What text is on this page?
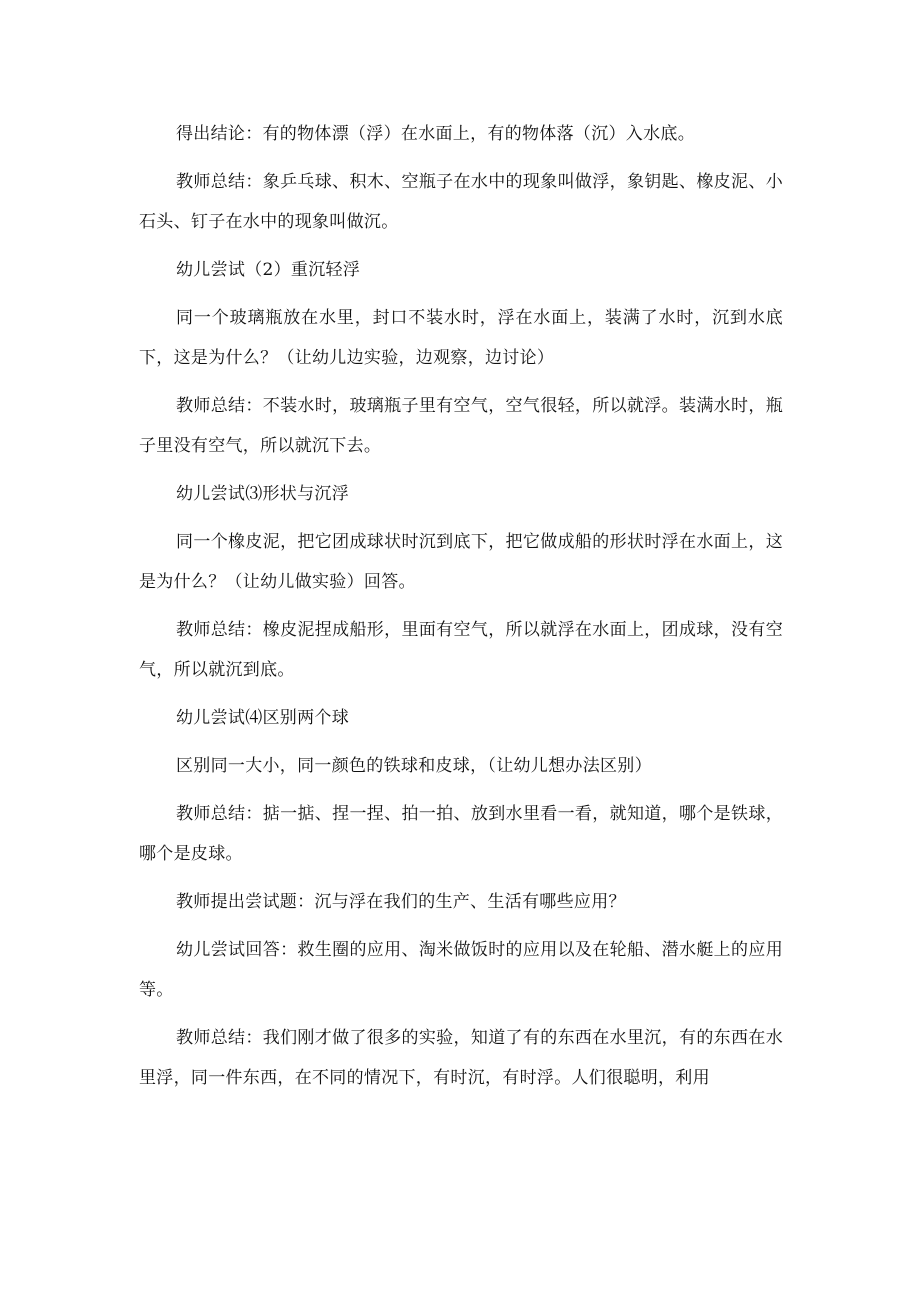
得出结论：有的物体漂（浮）在水面上，有的物体落（沉）入水底。

教师总结：象乒乓球、积木、空瓶子在水中的现象叫做浮，象钥匙、橡皮泥、小石头、钉子在水中的现象叫做沉。

幼儿尝试（2）重沉轻浮

同一个玻璃瓶放在水里，封口不装水时，浮在水面上，装满了水时，沉到水底下，这是为什么？（让幼儿边实验，边观察，边讨论）

教师总结：不装水时，玻璃瓶子里有空气，空气很轻，所以就浮。装满水时，瓶子里没有空气，所以就沉下去。

幼儿尝试⑶形状与沉浮

同一个橡皮泥，把它团成球状时沉到底下，把它做成船的形状时浮在水面上，这是为什么？（让幼儿做实验）回答。

教师总结：橡皮泥捏成船形，里面有空气，所以就浮在水面上，团成球，没有空气，所以就沉到底。

幼儿尝试⑷区别两个球

区别同一大小，同一颜色的铁球和皮球，（让幼儿想办法区别）

教师总结：掂一掂、捏一捏、拍一拍、放到水里看一看，就知道，哪个是铁球，哪个是皮球。

教师提出尝试题：沉与浮在我们的生产、生活有哪些应用？

幼儿尝试回答：救生圈的应用、淘米做饭时的应用以及在轮船、潜水艇上的应用等。

教师总结：我们刚才做了很多的实验，知道了有的东西在水里沉，有的东西在水里浮，同一件东西，在不同的情况下，有时沉，有时浮。人们很聪明，利用
